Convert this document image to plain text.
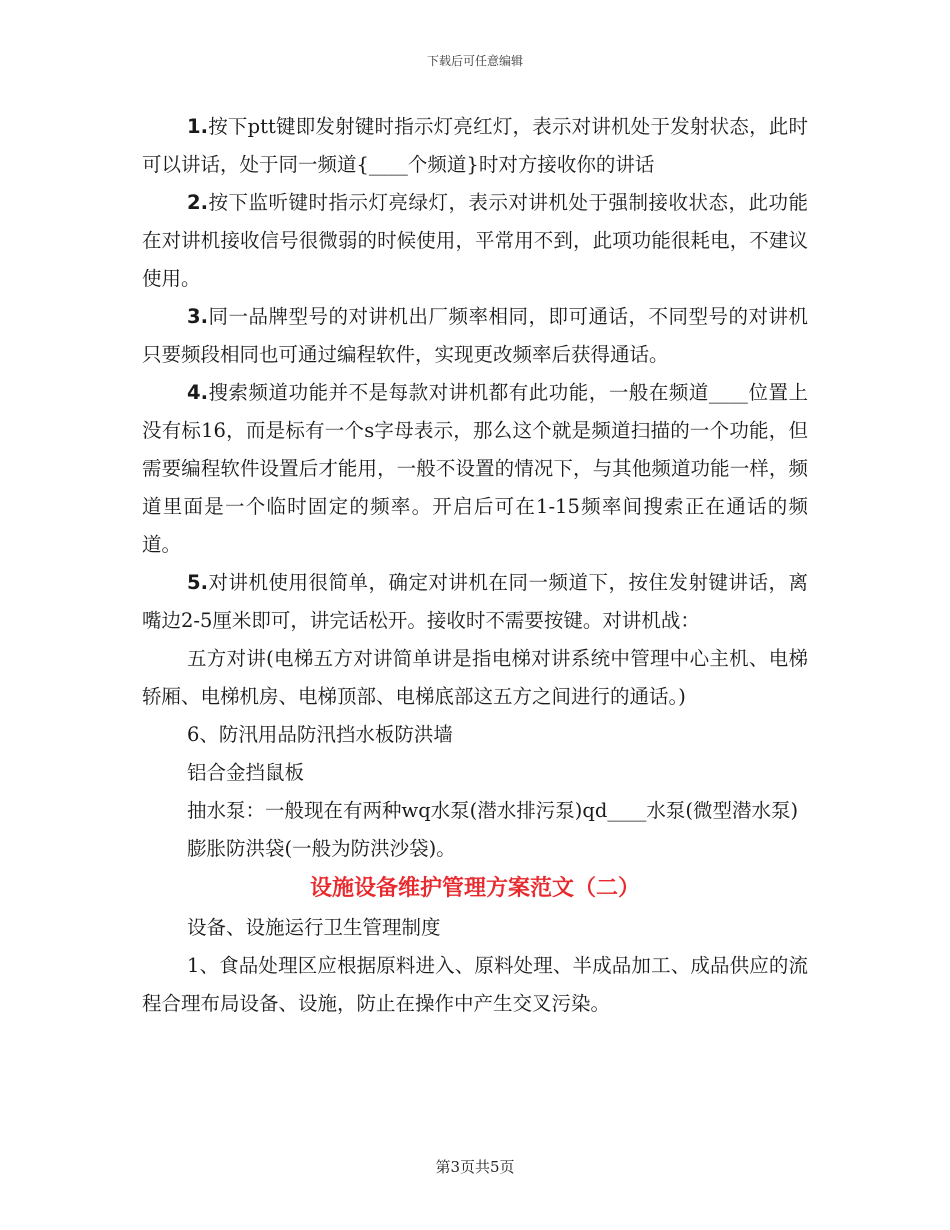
下载后可任意编辑

1.按下ptt键即发射键时指示灯亮红灯，表示对讲机处于发射状态，此时可以讲话，处于同一频道{____个频道}时对方接收你的讲话

2.按下监听键时指示灯亮绿灯，表示对讲机处于强制接收状态，此功能在对讲机接收信号很微弱的时候使用，平常用不到，此项功能很耗电，不建议使用。

3.同一品牌型号的对讲机出厂频率相同，即可通话，不同型号的对讲机只要频段相同也可通过编程软件，实现更改频率后获得通话。

4.搜索频道功能并不是每款对讲机都有此功能，一般在频道____位置上没有标16，而是标有一个s字母表示，那么这个就是频道扫描的一个功能，但需要编程软件设置后才能用，一般不设置的情况下，与其他频道功能一样，频道里面是一个临时固定的频率。开启后可在1-15频率间搜索正在通话的频道。

5.对讲机使用很简单，确定对讲机在同一频道下，按住发射键讲话，离嘴边2-5厘米即可，讲完话松开。接收时不需要按键。对讲机战：

五方对讲(电梯五方对讲简单讲是指电梯对讲系统中管理中心主机、电梯轿厢、电梯机房、电梯顶部、电梯底部这五方之间进行的通话。)

6、防汛用品防汛挡水板防洪墙

铝合金挡鼠板

抽水泵：一般现在有两种wq水泵(潜水排污泵)qd____水泵(微型潜水泵)

膨胀防洪袋(一般为防洪沙袋)。

设施设备维护管理方案范文（二）

设备、设施运行卫生管理制度

1、食品处理区应根据原料进入、原料处理、半成品加工、成品供应的流程合理布局设备、设施，防止在操作中产生交叉污染。

第3页共5页
